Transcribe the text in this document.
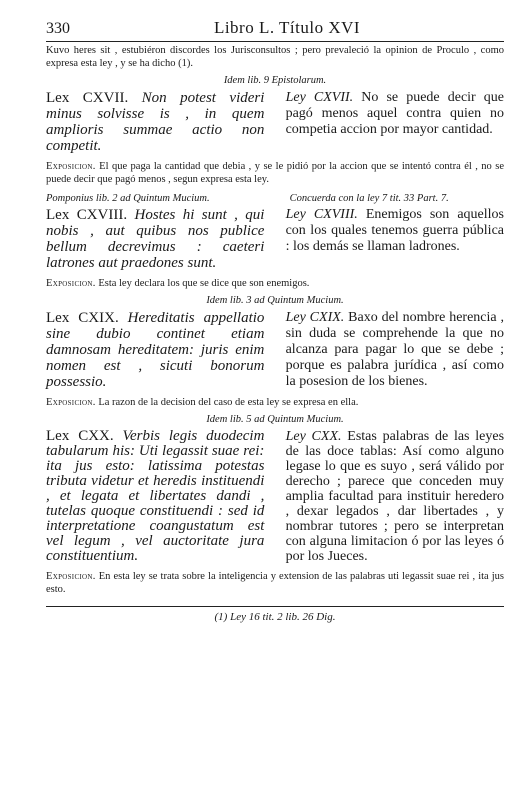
330	Libro L. Título XVI
Kuvo heres sit , estubiéron discordes los Jurisconsultos ; pero prevaleció la opinion de Proculo , como expresa esta ley , y se ha dicho (1).
Idem lib. 9 Epistolarum.
Lex CXVII. Non potest videri minus solvisse is , in quem amplioris summae actio non competit.
Ley CXVII. No se puede decir que pagó menos aquel contra quien no competia accion por mayor cantidad.
Exposicion. El que paga la cantidad que debia , y se le pidió por la accion que se intentó contra él , no se puede decir que pagó menos , segun expresa esta ley.
Pomponius lib. 2 ad Quintum Mucium.	Concuerda con la ley 7 tit. 33 Part. 7.
Lex CXVIII. Hostes hi sunt , qui nobis , aut quibus nos publice bellum decrevimus : caeteri latrones aut praedones sunt.
Ley CXVIII. Enemigos son aquellos con los quales tenemos guerra pública : los demás se llaman ladrones.
Exposicion. Esta ley declara los que se dice que son enemigos.
Idem lib. 3 ad Quintum Mucium.
Lex CXIX. Hereditatis appellatio sine dubio continet etiam damnosam hereditatem: juris enim nomen est , sicuti bonorum possessio.
Ley CXIX. Baxo del nombre herencia , sin duda se comprehende la que no alcanza para pagar lo que se debe ; porque es palabra jurídica , así como la posesion de los bienes.
Exposicion. La razon de la decision del caso de esta ley se expresa en ella.
Idem lib. 5 ad Quintum Mucium.
Lex CXX. Verbis legis duodecim tabularum his: Uti legassit suae rei: ita jus esto: latissima potestas tributa videtur et heredis instituendi , et legata et libertates dandi , tutelas quoque constituendi : sed id interpretatione coangustatum est vel legum , vel auctoritate jura constituentium.
Ley CXX. Estas palabras de las leyes de las doce tablas: Así como alguno legase lo que es suyo , será válido por derecho ; parece que conceden muy amplia facultad para instituir heredero , dexar legados , dar libertades , y nombrar tutores ; pero se interpretan con alguna limitacion ó por las leyes ó por los Jueces.
Exposicion. En esta ley se trata sobre la inteligencia y extension de las palabras uti legassit suae rei , ita jus esto.
(1) Ley 16 tit. 2 lib. 26 Dig.
